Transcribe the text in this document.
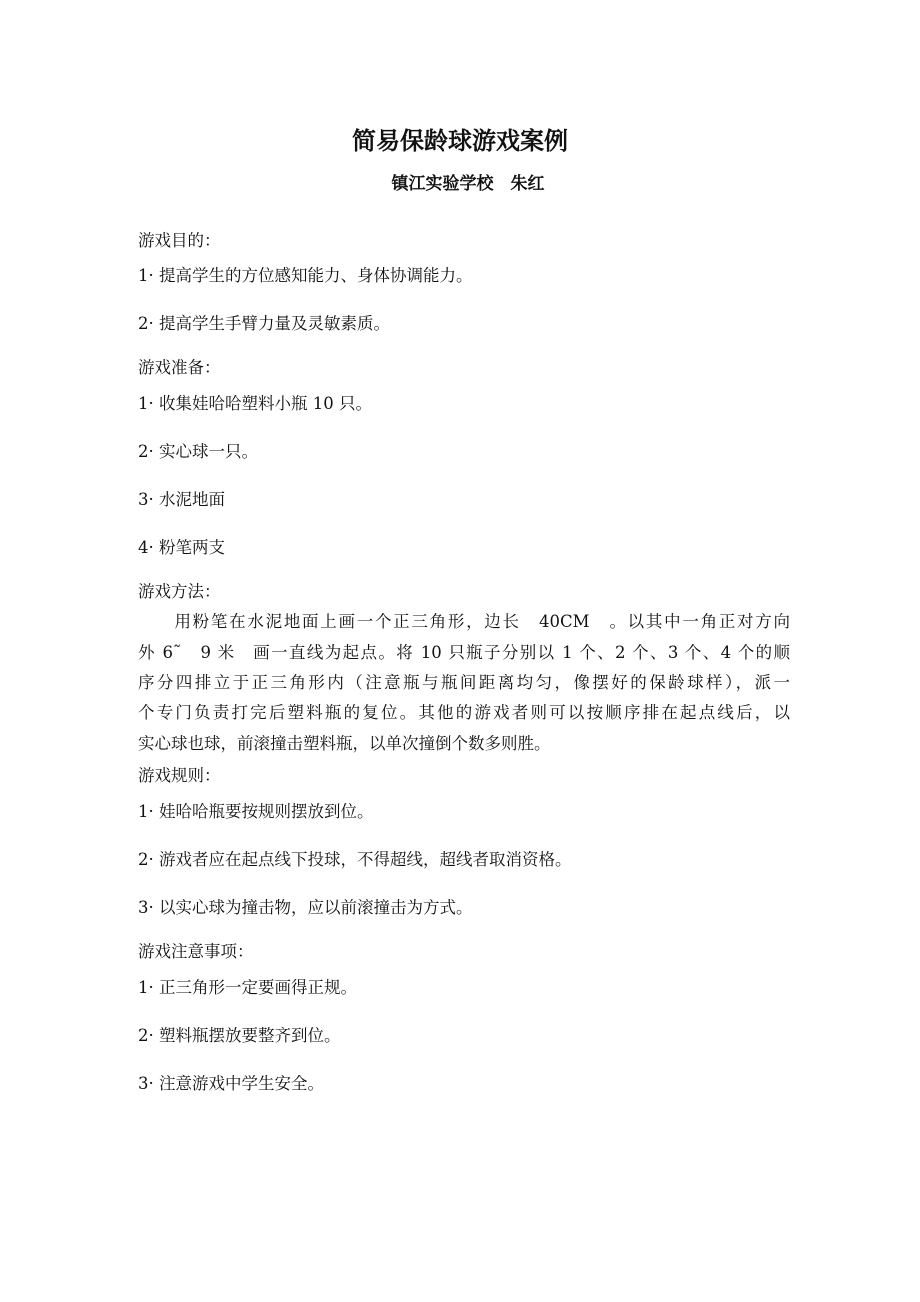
简易保龄球游戏案例
镇江实验学校　朱红
游戏目的：
1· 提高学生的方位感知能力、身体协调能力。
2· 提高学生手臂力量及灵敏素质。
游戏准备：
1· 收集娃哈哈塑料小瓶 10 只。
2· 实心球一只。
3· 水泥地面
4· 粉笔两支
游戏方法：
　　用粉笔在水泥地面上画一个正三角形，边长　40CM　。以其中一角正对方向
外 6˜　9 米　画一直线为起点。将 10 只瓶子分别以 1 个、2 个、3 个、4 个的顺
序分四排立于正三角形内（注意瓶与瓶间距离均匀，像摆好的保龄球样），派一
个专门负责打完后塑料瓶的复位。其他的游戏者则可以按顺序排在起点线后，以
实心球也球，前滚撞击塑料瓶，以单次撞倒个数多则胜。
游戏规则：
1· 娃哈哈瓶要按规则摆放到位。
2· 游戏者应在起点线下投球，不得超线，超线者取消资格。
3· 以实心球为撞击物，应以前滚撞击为方式。
游戏注意事项：
1· 正三角形一定要画得正规。
2· 塑料瓶摆放要整齐到位。
3· 注意游戏中学生安全。
